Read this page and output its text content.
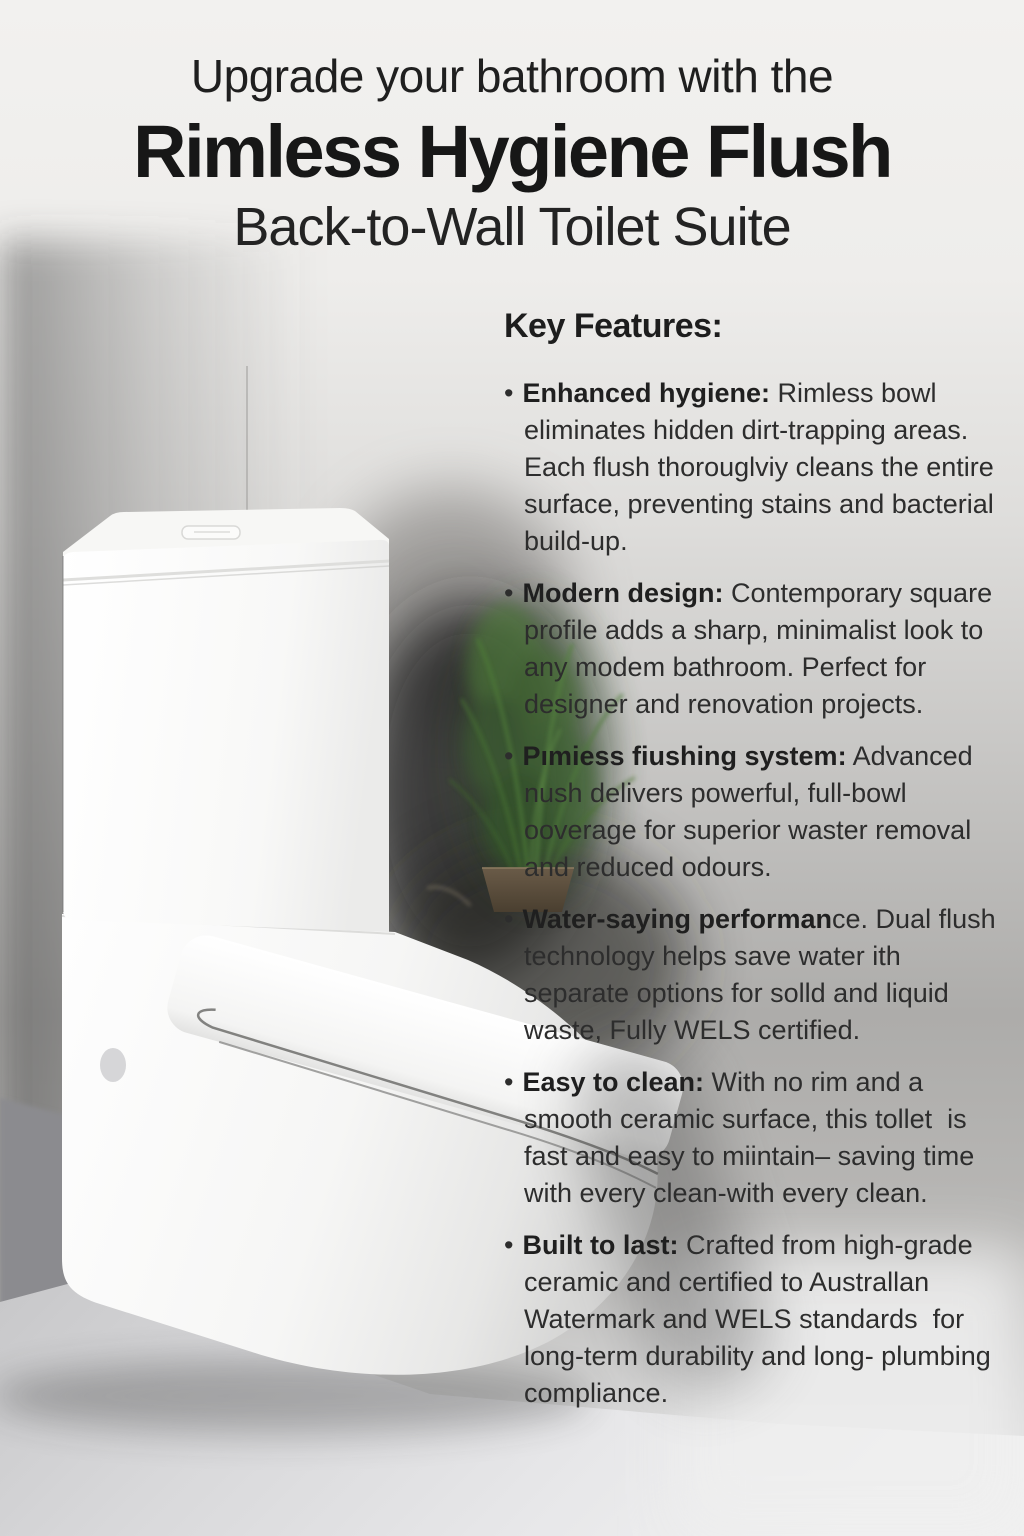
Upgrade your bathroom with the
Rimless Hygiene Flush
Back-to-Wall Toilet Suite
Key Features:

• Enhanced hygiene: Rimless bowl eliminates hidden dirt-trapping areas. Each flush thorouglviy cleans the entire surface, preventing stains and bacterial build-up.

• Modern design: Contemporary square profile adds a sharp, minimalist look to any modem bathroom. Perfect for designer and renovation projects.

• Pımiess fiushing system: Advanced nush delivers powerful, full-bowl ooverage for superior waster removal and reduced odours.

• Water-saying performance. Dual flush technology helps save water ith separate options for solld and liquid waste, Fully WELS certified.

• Easy to clean: With no rim and a smooth ceramic surface, this tollet  is fast and easy to miintain– saving time with every clean-with every clean.

• Built to last: Crafted from high-grade ceramic and certified to Australlan Watermark and WELS standards  for long-term durability and long- plumbing compliance.
